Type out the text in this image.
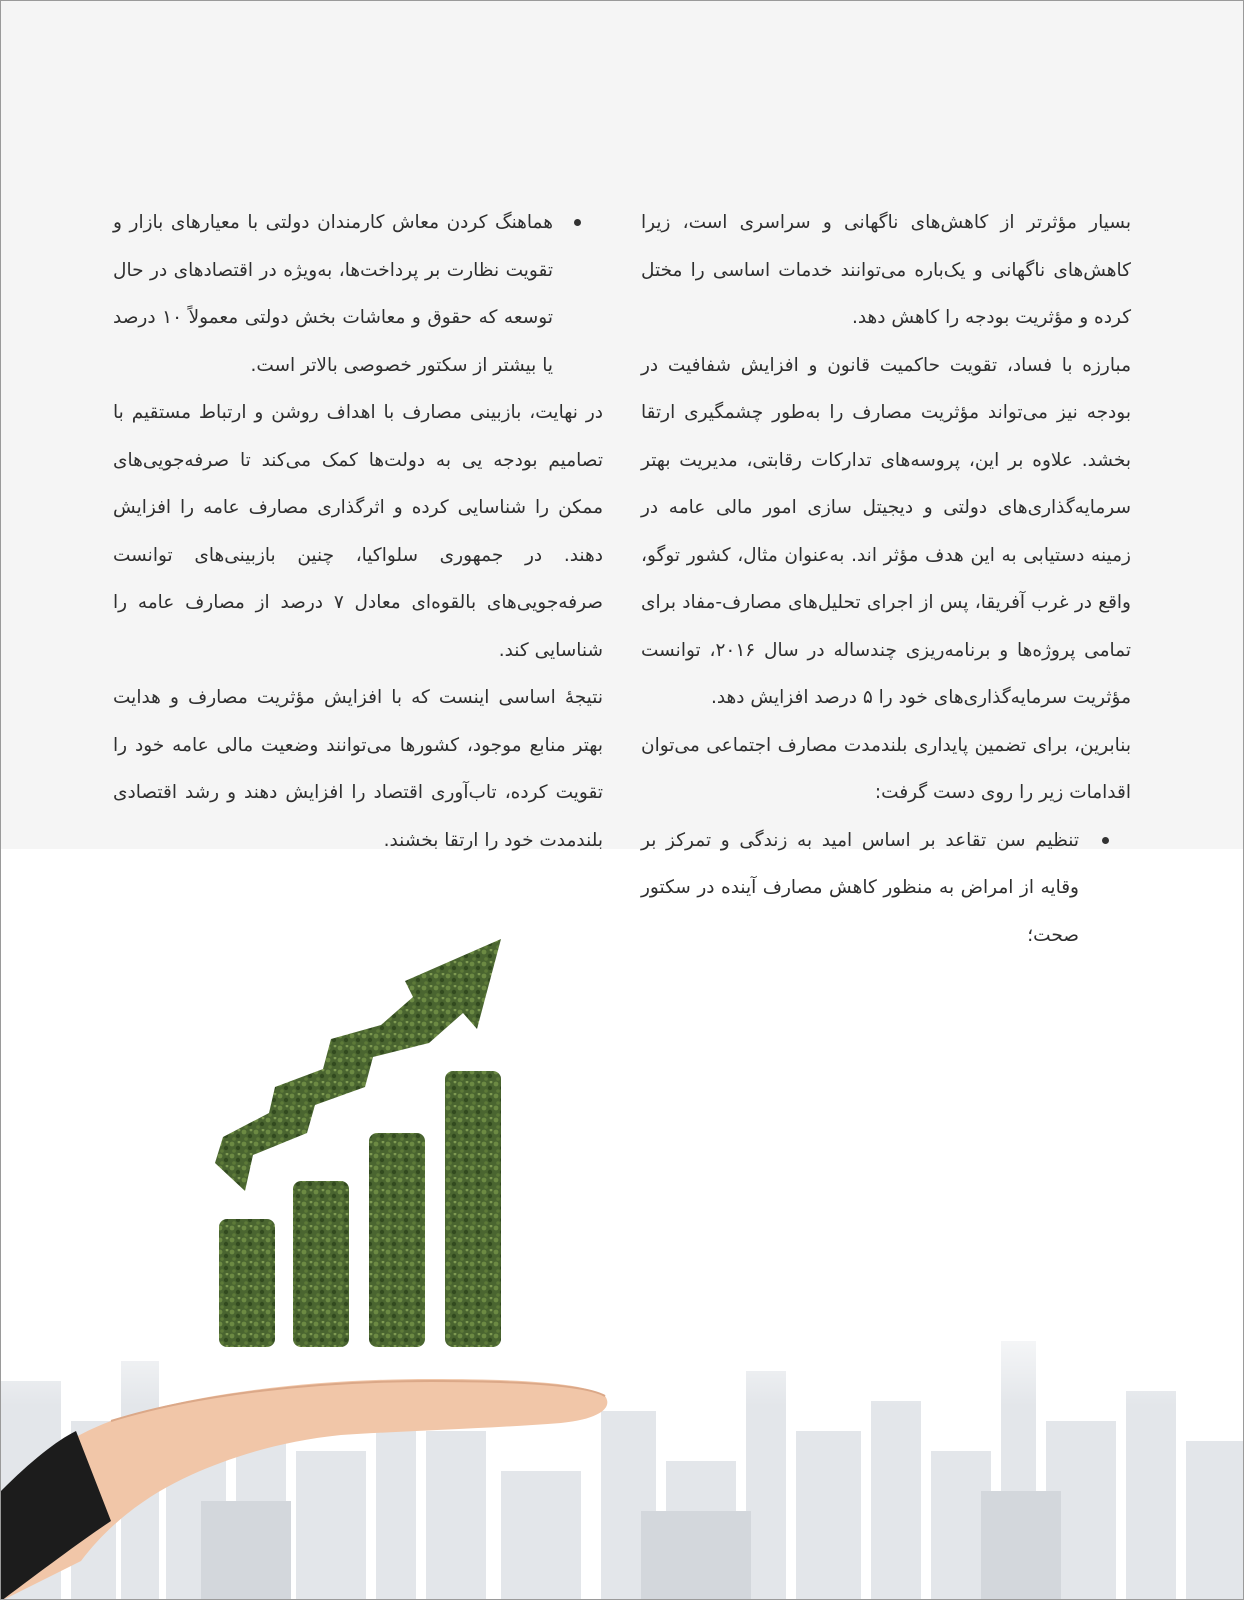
بسیار مؤثرتر از کاهش‌های ناگهانی و سراسری است، زیرا کاهش‌های ناگهانی و یک‌باره می‌توانند خدمات اساسی را مختل کرده و مؤثریت بودجه را کاهش دهد.

مبارزه با فساد، تقویت حاکمیت قانون و افزایش شفافیت در بودجه نیز می‌تواند مؤثریت مصارف را به‌طور چشمگیری ارتقا بخشد. علاوه بر این، پروسه‌های تدارکات رقابتی، مدیریت بهتر سرمایه‌گذاری‌های دولتی و دیجیتل سازی امور مالی عامه در زمینه دستیابی به این هدف مؤثر اند. به‌عنوان مثال، کشور توگو، واقع در غرب آفریقا، پس از اجرای تحلیل‌های مصارف-مفاد برای تمامی پروژه‌ها و برنامه‌ریزی چندساله در سال ۲۰۱۶، توانست مؤثریت سرمایه‌گذاری‌های خود را ۵ درصد افزایش دهد.

بنابرین، برای تضمین پایداری بلندمدت مصارف اجتماعی می‌توان اقدامات زیر را روی دست گرفت:

تنظیم سن تقاعد بر اساس امید به زندگی و تمرکز بر وقایه از امراض به منظور کاهش مصارف آینده در سکتور صحت؛

هماهنگ کردن معاش کارمندان دولتی با معیارهای بازار و تقویت نظارت بر پرداخت‌ها، به‌ویژه در اقتصادهای در حال توسعه که حقوق و معاشات بخش دولتی معمولاً ۱۰ درصد یا بیشتر از سکتور خصوصی بالاتر است.

در نهایت، بازبینی مصارف با اهداف روشن و ارتباط مستقیم با تصامیم بودجه یی به دولت‌ها کمک می‌کند تا صرفه‌جویی‌های ممکن را شناسایی کرده و اثرگذاری مصارف عامه را افزایش دهند. در جمهوری سلواکیا، چنین بازبینی‌های توانست صرفه‌جویی‌های بالقوه‌ای معادل ۷ درصد از مصارف عامه را شناسایی کند.

نتیجهٔ اساسی اینست که با افزایش مؤثریت مصارف و هدایت بهتر منابع موجود، کشورها می‌توانند وضعیت مالی عامه خود را تقویت کرده، تاب‌آوری اقتصاد را افزایش دهند و رشد اقتصادی بلندمدت خود را ارتقا بخشند.
